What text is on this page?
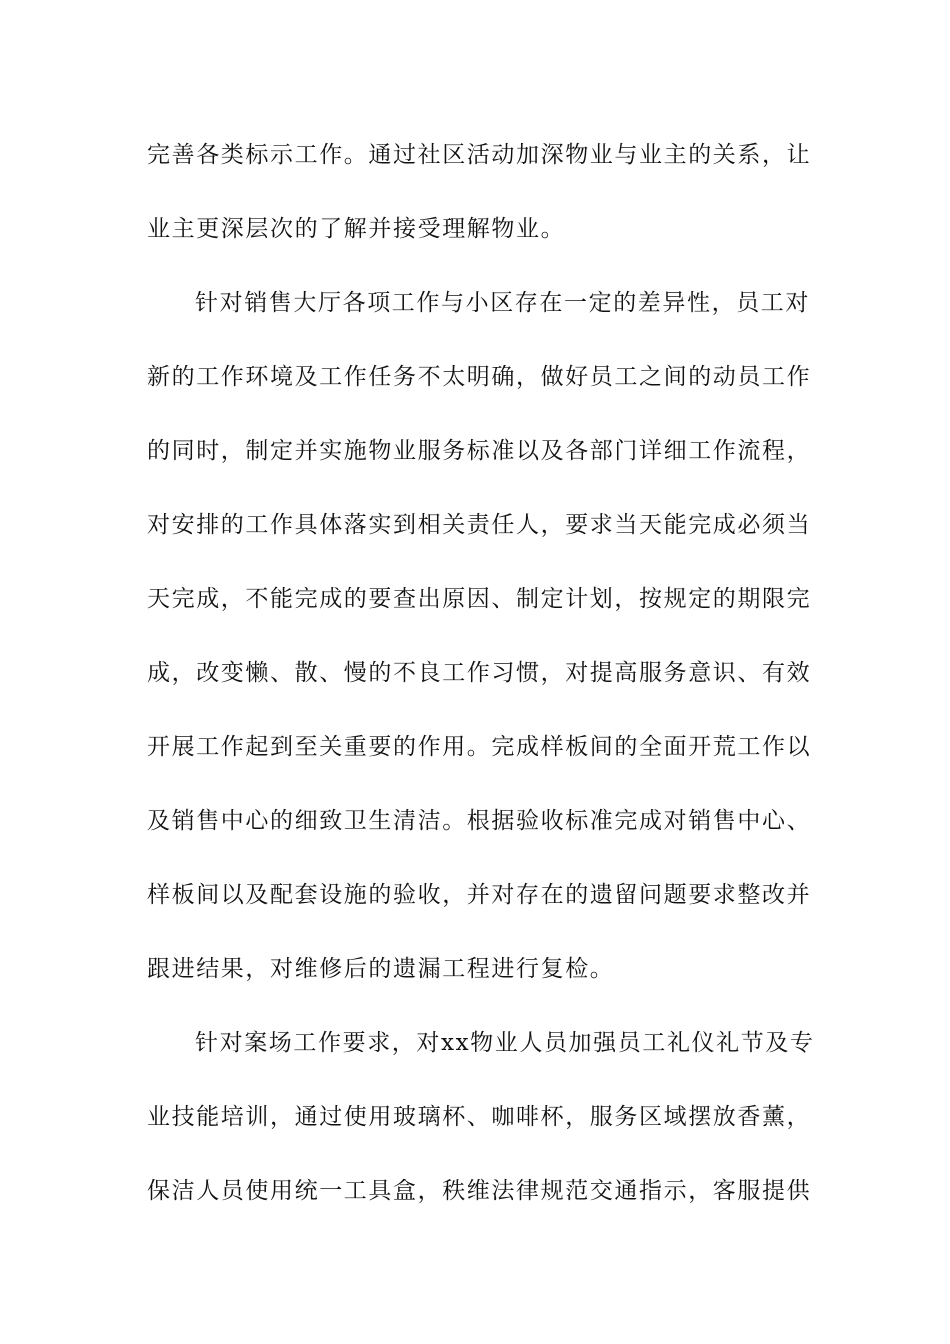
完善各类标示工作。通过社区活动加深物业与业主的关系，让
业主更深层次的了解并接受理解物业。
针对销售大厅各项工作与小区存在一定的差异性，员工对
新的工作环境及工作任务不太明确，做好员工之间的动员工作
的同时，制定并实施物业服务标准以及各部门详细工作流程，
对安排的工作具体落实到相关责任人，要求当天能完成必须当
天完成，不能完成的要查出原因、制定计划，按规定的期限完
成，改变懒、散、慢的不良工作习惯，对提高服务意识、有效
开展工作起到至关重要的作用。完成样板间的全面开荒工作以
及销售中心的细致卫生清洁。根据验收标准完成对销售中心、
样板间以及配套设施的验收，并对存在的遗留问题要求整改并
跟进结果，对维修后的遗漏工程进行复检。
针对案场工作要求，对xx物业人员加强员工礼仪礼节及专
业技能培训，通过使用玻璃杯、咖啡杯，服务区域摆放香薰，
保洁人员使用统一工具盒，秩维法律规范交通指示，客服提供
